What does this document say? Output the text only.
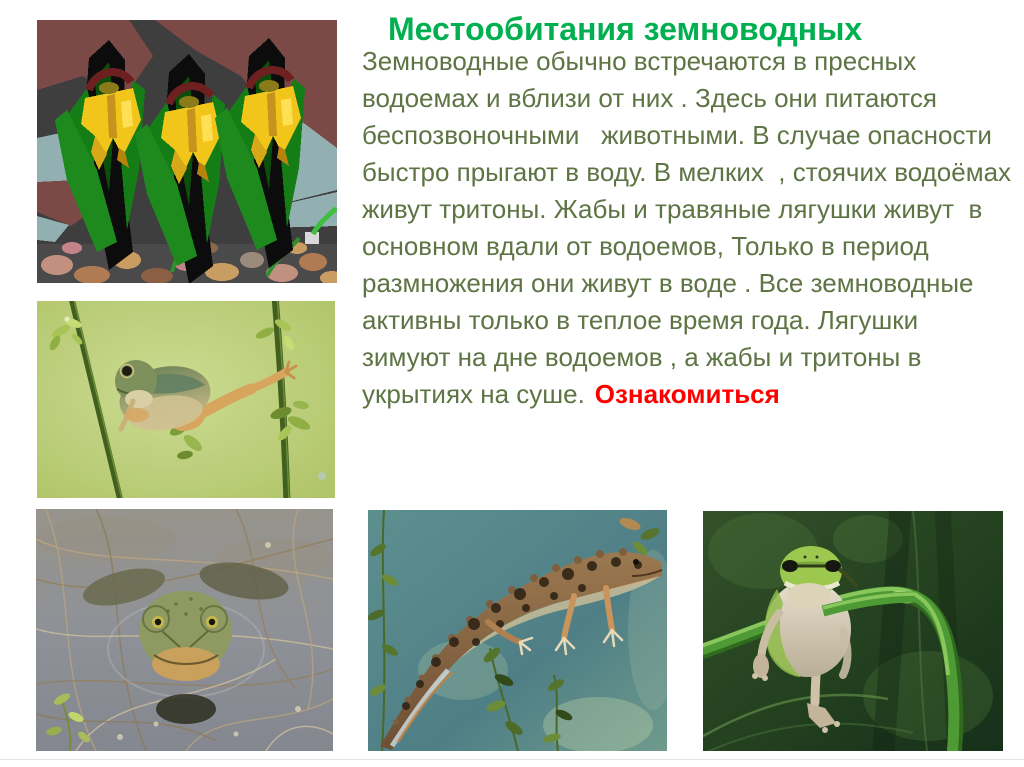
Местообитания земноводных
Земноводные обычно встречаются в пресных
водоемах и вблизи от них . Здесь они питаются
беспозвоночными   животными. В случае опасности
быстро прыгают в воду. В мелких  , стоячих водоёмах
живут тритоны. Жабы и травяные лягушки живут  в
основном вдали от водоемов, Только в период
размножения они живут в воде . Все земноводные
активны только в теплое время года. Лягушки
зимуют на дне водоемов , а жабы и тритоны в
укрытиях на суше. Ознакомиться
